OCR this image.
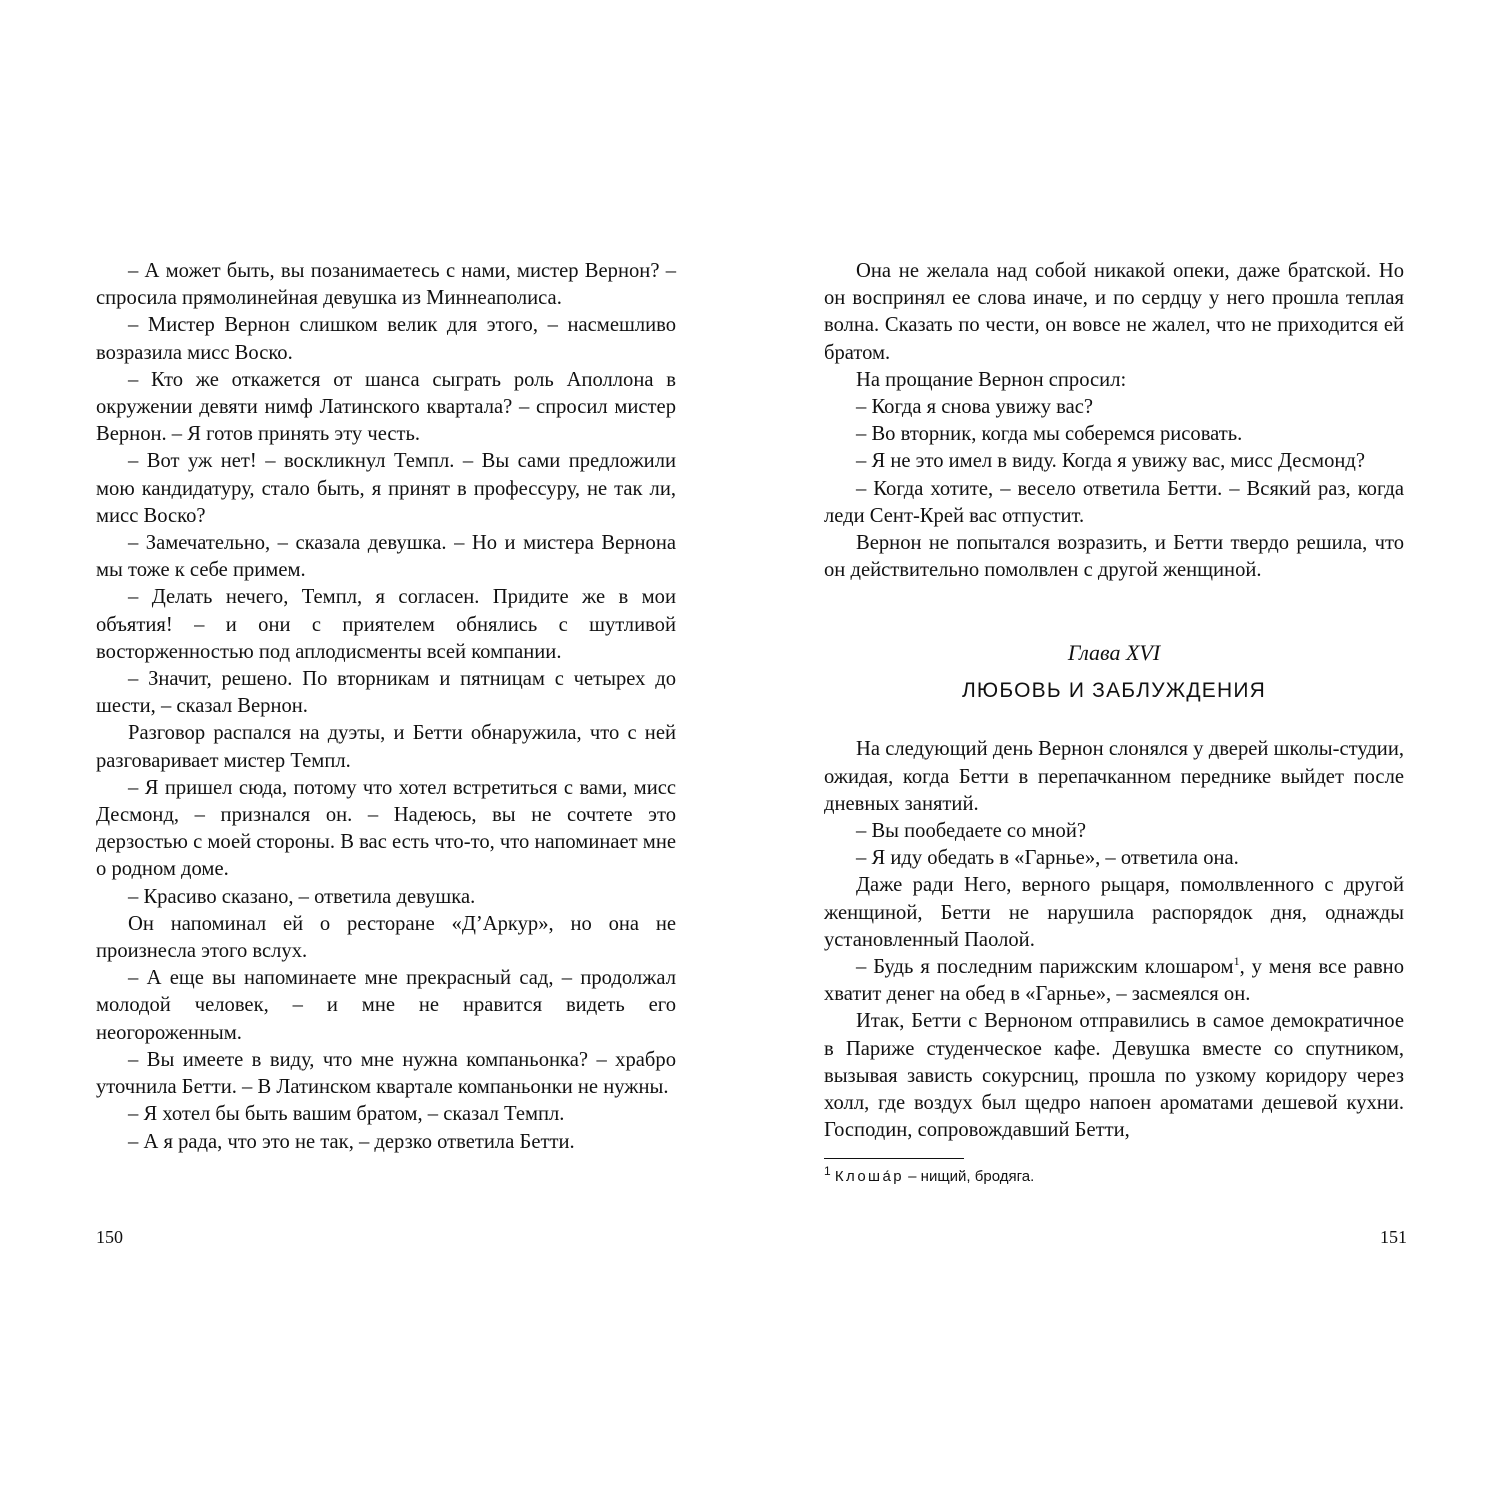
– А может быть, вы позанимаетесь с нами, мистер Вернон? – спросила прямолинейная девушка из Миннеаполиса.

– Мистер Вернон слишком велик для этого, – насмешливо возразила мисс Воско.

– Кто же откажется от шанса сыграть роль Аполлона в окружении девяти нимф Латинского квартала? – спросил мистер Вернон. – Я готов принять эту честь.

– Вот уж нет! – воскликнул Темпл. – Вы сами предложили мою кандидатуру, стало быть, я принят в профессуру, не так ли, мисс Воско?

– Замечательно, – сказала девушка. – Но и мистера Вернона мы тоже к себе примем.

– Делать нечего, Темпл, я согласен. Придите же в мои объятия! – и они с приятелем обнялись с шутливой восторженностью под аплодисменты всей компании.

– Значит, решено. По вторникам и пятницам с четырех до шести, – сказал Вернон.

Разговор распался на дуэты, и Бетти обнаружила, что с ней разговаривает мистер Темпл.

– Я пришел сюда, потому что хотел встретиться с вами, мисс Десмонд, – признался он. – Надеюсь, вы не сочтете это дерзостью с моей стороны. В вас есть что-то, что напоминает мне о родном доме.

– Красиво сказано, – ответила девушка.

Он напоминал ей о ресторане «Д’Аркур», но она не произнесла этого вслух.

– А еще вы напоминаете мне прекрасный сад, – продолжал молодой человек, – и мне не нравится видеть его неогороженным.

– Вы имеете в виду, что мне нужна компаньонка? – храбро уточнила Бетти. – В Латинском квартале компаньонки не нужны.

– Я хотел бы быть вашим братом, – сказал Темпл.

– А я рада, что это не так, – дерзко ответила Бетти.

Она не желала над собой никакой опеки, даже братской. Но он воспринял ее слова иначе, и по сердцу у него прошла теплая волна. Сказать по чести, он вовсе не жалел, что не приходится ей братом.

На прощание Вернон спросил:

– Когда я снова увижу вас?

– Во вторник, когда мы соберемся рисовать.

– Я не это имел в виду. Когда я увижу вас, мисс Десмонд?

– Когда хотите, – весело ответила Бетти. – Всякий раз, когда леди Сент-Крей вас отпустит.

Вернон не попытался возразить, и Бетти твердо решила, что он действительно помолвлен с другой женщиной.

Глава XVI

ЛЮБОВЬ И ЗАБЛУЖДЕНИЯ

На следующий день Вернон слонялся у дверей школы-студии, ожидая, когда Бетти в перепачканном переднике выйдет после дневных занятий.

– Вы пообедаете со мной?

– Я иду обедать в «Гарнье», – ответила она.

Даже ради Него, верного рыцаря, помолвленного с другой женщиной, Бетти не нарушила распорядок дня, однажды установленный Паолой.

– Будь я последним парижским клошаром$^1$, у меня все равно хватит денег на обед в «Гарнье», – засмеялся он.

Итак, Бетти с Верноном отправились в самое демократичное в Париже студенческое кафе. Девушка вместе со спутником, вызывая зависть сокурсниц, прошла по узкому коридору через холл, где воздух был щедро напоен ароматами дешевой кухни. Господин, сопровождавший Бетти,

$^1$ Клоша́р – нищий, бродяга.

150	151
